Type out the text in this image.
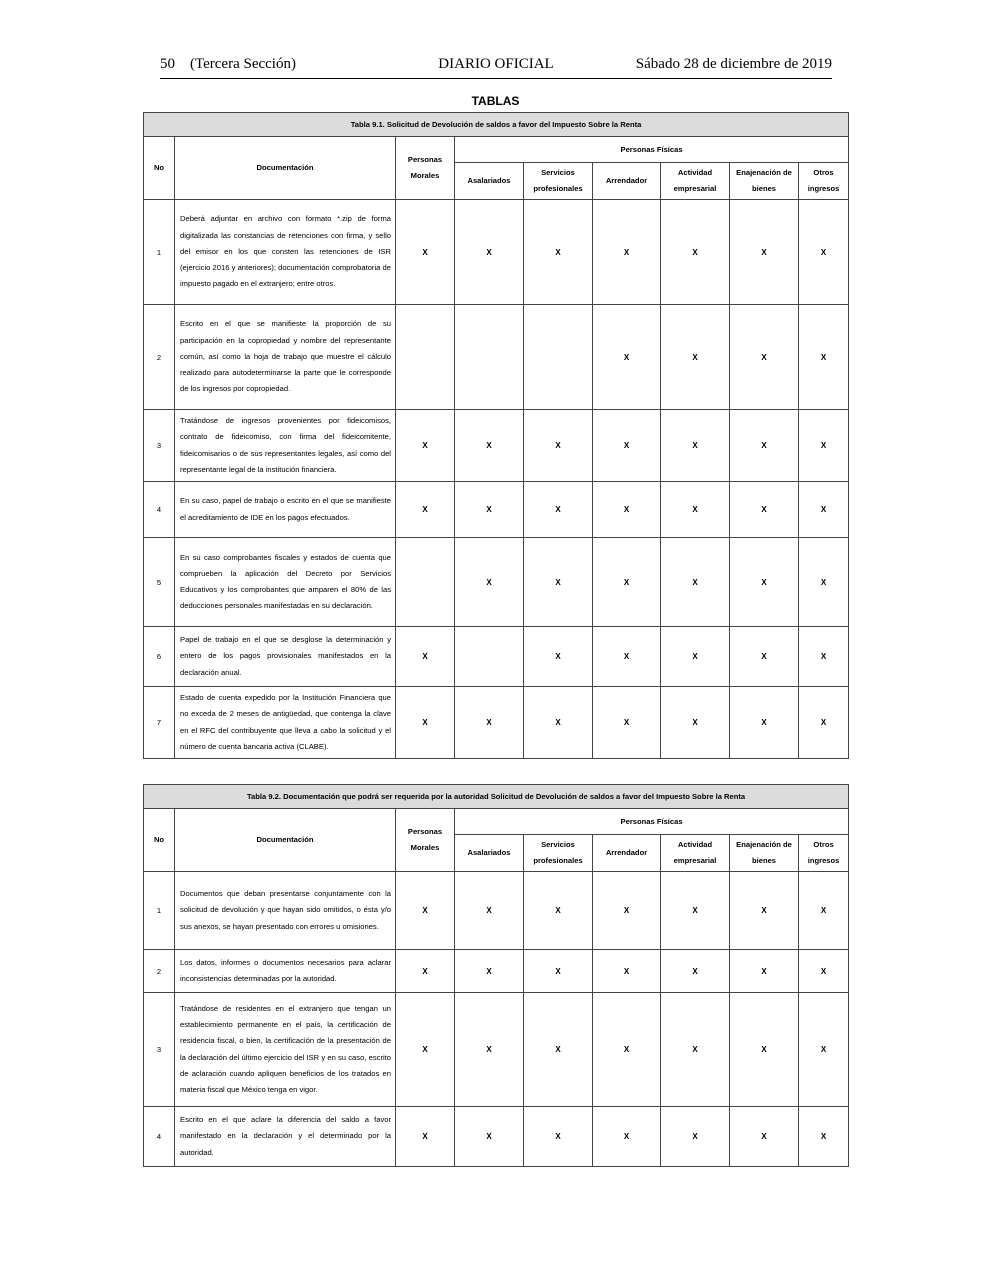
50 (Tercera Sección)	DIARIO OFICIAL	Sábado 28 de diciembre de 2019
TABLAS
Tabla 9.1. Solicitud de Devolución de saldos a favor del Impuesto Sobre la Renta								
No	Documentación	Personas Morales	Personas Físicas					
			Asalariados	Servicios profesionales	Arrendador	Actividad empresarial	Enajenación de bienes	Otros ingresos
1	Deberá adjuntar en archivo con formato *.zip de forma digitalizada las constancias de retenciones con firma, y sello del emisor en los que consten las retenciones de ISR (ejercicio 2016 y anteriores); documentación comprobatoria de impuesto pagado en el extranjero; entre otros.	X	X	X	X	X	X	X
2	Escrito en el que se manifieste la proporción de su participación en la copropiedad y nombre del representante común, así como la hoja de trabajo que muestre el cálculo realizado para autodeterminarse la parte que le corresponde de los ingresos por copropiedad.				X	X	X	X
3	Tratándose de ingresos provenientes por fideicomisos, contrato de fideicomiso, con firma del fideicomitente, fideicomisarios o de sus representantes legales, así como del representante legal de la institución financiera.	X	X	X	X	X	X	X
4	En su caso, papel de trabajo o escrito en el que se manifieste el acreditamiento de IDE en los pagos efectuados.	X	X	X	X	X	X	X
5	En su caso comprobantes fiscales y estados de cuenta que comprueben la aplicación del Decreto por Servicios Educativos y los comprobantes que amparen el 80% de las deducciones personales manifestadas en su declaración.		X	X	X	X	X	X
6	Papel de trabajo en el que se desglose la determinación y entero de los pagos provisionales manifestados en la declaración anual.	X		X	X	X	X	X
7	Estado de cuenta expedido por la Institución Financiera que no exceda de 2 meses de antigüedad, que contenga la clave en el RFC del contribuyente que lleva a cabo la solicitud y el número de cuenta bancaria activa (CLABE).	X	X	X	X	X	X	X
Tabla 9.2. Documentación que podrá ser requerida por la autoridad Solicitud de Devolución de saldos a favor del Impuesto Sobre la Renta								
No	Documentación	Personas Morales	Personas Físicas					
			Asalariados	Servicios profesionales	Arrendador	Actividad empresarial	Enajenación de bienes	Otros ingresos
1	Documentos que deban presentarse conjuntamente con la solicitud de devolución y que hayan sido omitidos, o ésta y/o sus anexos, se hayan presentado con errores u omisiones.	X	X	X	X	X	X	X
2	Los datos, informes o documentos necesarios para aclarar inconsistencias determinadas por la autoridad.	X	X	X	X	X	X	X
3	Tratándose de residentes en el extranjero que tengan un establecimiento permanente en el país, la certificación de residencia fiscal, o bien, la certificación de la presentación de la declaración del último ejercicio del ISR y en su caso, escrito de aclaración cuando apliquen beneficios de los tratados en materia fiscal que México tenga en vigor.	X	X	X	X	X	X	X
4	Escrito en el que aclare la diferencia del saldo a favor manifestado en la declaración y el determinado por la autoridad.	X	X	X	X	X	X	X
